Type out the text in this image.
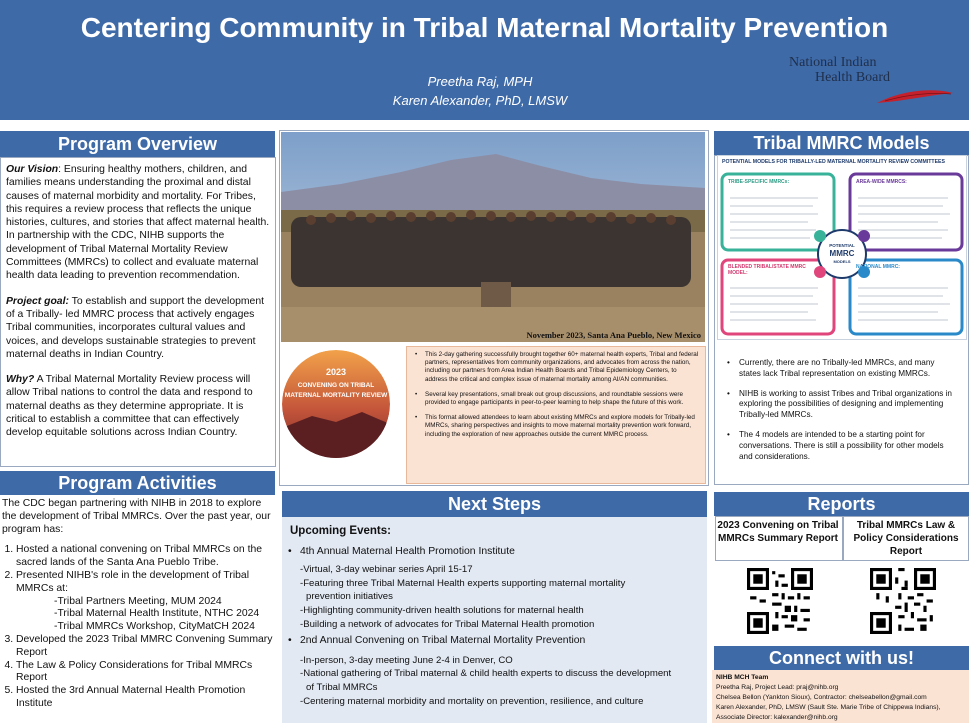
Centering Community in Tribal Maternal Mortality Prevention
Preetha Raj, MPH
Karen Alexander, PhD, LMSW
National Indian
Health Board
Program Overview

Our Vision: Ensuring healthy mothers, children, and families means understanding the proximal and distal causes of maternal morbidity and mortality. For Tribes, this requires a review process that reflects the unique histories, cultures, and stories that affect maternal health. In partnership with the CDC, NIHB supports the development of Tribal Maternal Mortality Review Committees (MMRCs) to collect and evaluate maternal health data leading to prevention recommendation.

Project goal: To establish and support the development of a Tribally- led MMRC process that actively engages Tribal communities, incorporates cultural values and voices, and develops sustainable strategies to prevent maternal deaths in Indian Country.

Why? A Tribal Maternal Mortality Review process will allow Tribal nations to control the data and respond to maternal deaths as they determine appropriate. It is critical to establish a committee that can effectively develop equitable solutions across Indian Country.

Program Activities
The CDC began partnering with NIHB in 2018 to explore the development of Tribal MMRCs. Over the past year, our program has:
1. Hosted a national convening on Tribal MMRCs on the sacred lands of the Santa Ana Pueblo Tribe.
2. Presented NIHB's role in the development of Tribal MMRCs at:
-Tribal Partners Meeting, MUM 2024
-Tribal Maternal Health Institute, NTHC 2024
-Tribal MMRCs Workshop, CityMatCH 2024
3. Developed the 2023 Tribal MMRC Convening Summary Report
4. The Law & Policy Considerations for Tribal MMRCs Report
5. Hosted the 3rd Annual Maternal Health Promotion Institute
November 2023, Santa Ana Pueblo, New Mexico
2023
CONVENING ON TRIBAL
MATERNAL MORTALITY REVIEW
• This 2-day gathering successfully brought together 60+ maternal health experts, Tribal and federal partners, representatives from community organizations, and advocates from across the nation, including our partners from Area Indian Health Boards and Tribal Epidemiology Centers, to address the critical and complex issue of maternal mortality among AI/AN communities.
• Several key presentations, small break out group discussions, and roundtable sessions were provided to engage participants in peer-to-peer learning to help shape the future of this work.
• This format allowed attendees to learn about existing MMRCs and explore models for Tribally-led MMRCs, sharing perspectives and insights to move maternal mortality prevention work forward, including the exploration of new approaches outside the current MMRC process.
Next Steps
Upcoming Events:
• 4th Annual Maternal Health Promotion Institute
-Virtual, 3-day webinar series April 15-17
-Featuring three Tribal Maternal Health experts supporting maternal mortality
prevention initiatives
-Highlighting community-driven health solutions for maternal health
-Building a network of advocates for Tribal Maternal Health promotion
• 2nd Annual Convening on Tribal Maternal Mortality Prevention
-In-person, 3-day meeting June 2-4 in Denver, CO
-National gathering of Tribal maternal & child health experts to discuss the development
of Tribal MMRCs
-Centering maternal morbidity and mortality on prevention, resilience, and culture
Tribal MMRC Models
POTENTIAL MODELS FOR TRIBALLY-LED MATERNAL MORTALITY REVIEW COMMITTEES
TRIBE-SPECIFIC MMRCs:	AREA-WIDE MMRCS:
BLENDED TRIBAL/STATE MMRC MODEL:
NATIONAL MMRC:
POTENTIAL
MMRC
MODELS
• Currently, there are no Tribally-led MMRCs, and many states lack Tribal representation on existing MMRCs.
• NIHB is working to assist Tribes and Tribal organizations in exploring the possibilities of designing and implementing Tribally-led MMRCs.
• The 4 models are intended to be a starting point for conversations. There is still a possibility for other models and considerations.
Reports
2023 Convening on Tribal MMRCs Summary Report
Tribal MMRCs Law & Policy Considerations Report
Connect with us!
NIHB MCH Team
Preetha Raj, Project Lead: praj@nihb.org
Chelsea Bellon (Yankton Sioux), Contractor: chelseabellon@gmail.com
Karen Alexander, PhD, LMSW (Sault Ste. Marie Tribe of Chippewa Indians),
Associate Director: kalexander@nihb.org
